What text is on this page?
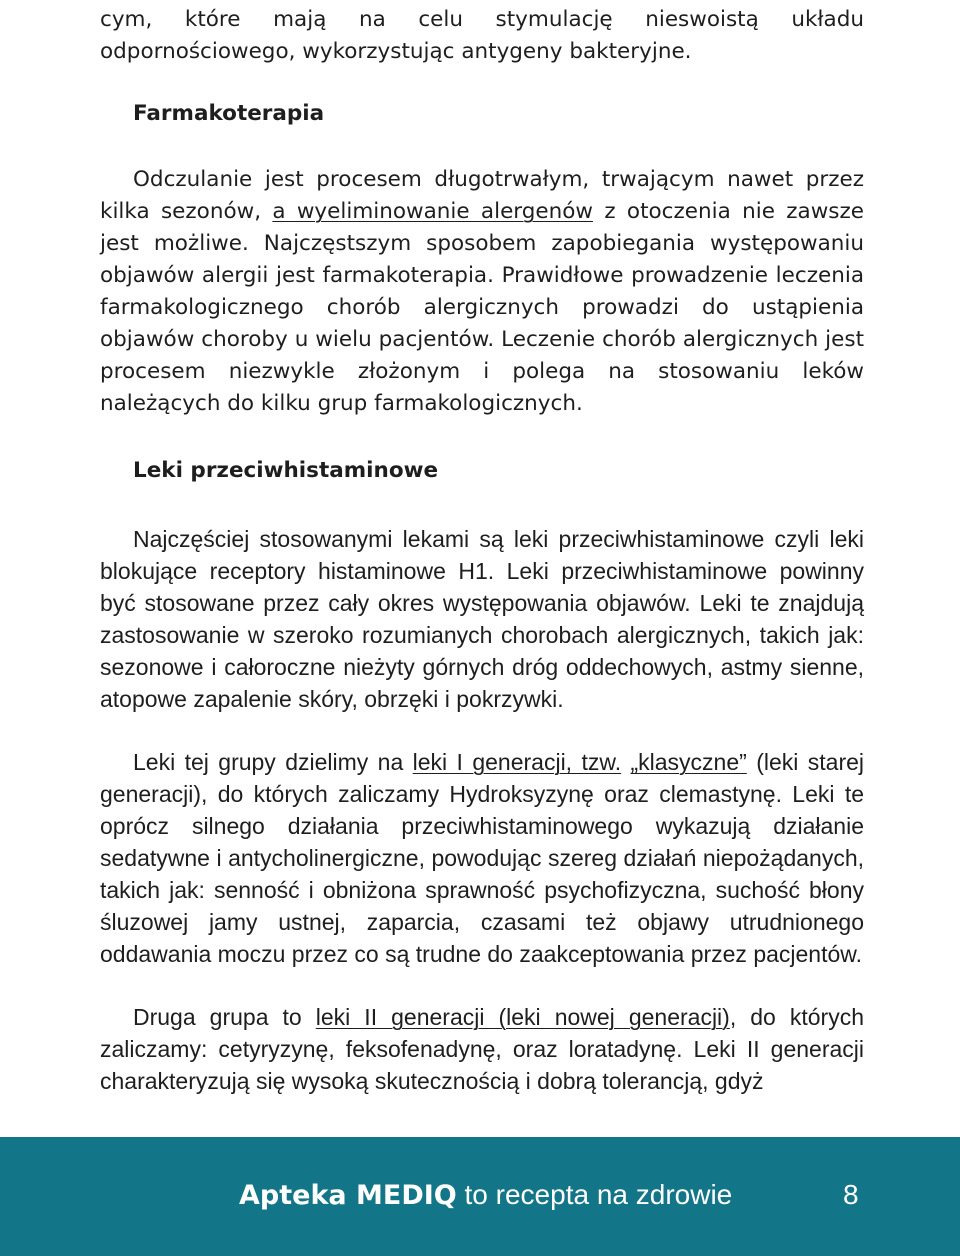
cym, które mają na celu stymulację nieswoistą układu odpornościowego, wykorzystując antygeny bakteryjne.

Farmakoterapia

Odczulanie jest procesem długotrwałym, trwającym nawet przez kilka sezonów, a wyeliminowanie alergenów z otoczenia nie zawsze jest możliwe. Najczęstszym sposobem zapobiegania występowaniu objawów alergii jest farmakoterapia. Prawidłowe prowadzenie leczenia farmakologicznego chorób alergicznych prowadzi do ustąpienia objawów choroby u wielu pacjentów. Leczenie chorób alergicznych jest procesem niezwykle złożonym i polega na stosowaniu leków należących do kilku grup farmakologicznych.

Leki przeciwhistaminowe

Najczęściej stosowanymi lekami są leki przeciwhistaminowe czyli leki blokujące receptory histaminowe H1. Leki przeciwhistaminowe powinny być stosowane przez cały okres występowania objawów. Leki te znajdują zastosowanie w szeroko rozumianych chorobach alergicznych, takich jak: sezonowe i całoroczne nieżyty górnych dróg oddechowych, astmy sienne, atopowe zapalenie skóry, obrzęki i pokrzywki.

Leki tej grupy dzielimy na leki I generacji, tzw. „klasyczne” (leki starej generacji), do których zaliczamy Hydroksyzynę oraz clemastynę. Leki te oprócz silnego działania przeciwhistaminowego wykazują działanie sedatywne i antycholinergiczne, powodując szereg działań niepożądanych, takich jak: senność i obniżona sprawność psychofizyczna, suchość błony śluzowej jamy ustnej, zaparcia, czasami też objawy utrudnionego oddawania moczu przez co są trudne do zaakceptowania przez pacjentów.

Druga grupa to leki II generacji (leki nowej generacji), do których zaliczamy: cetyryzynę, feksofenadynę, oraz loratadynę. Leki II generacji charakteryzują się wysoką skutecznością i dobrą tolerancją, gdyż

Apteka MEDIQ to recepta na zdrowie	8
